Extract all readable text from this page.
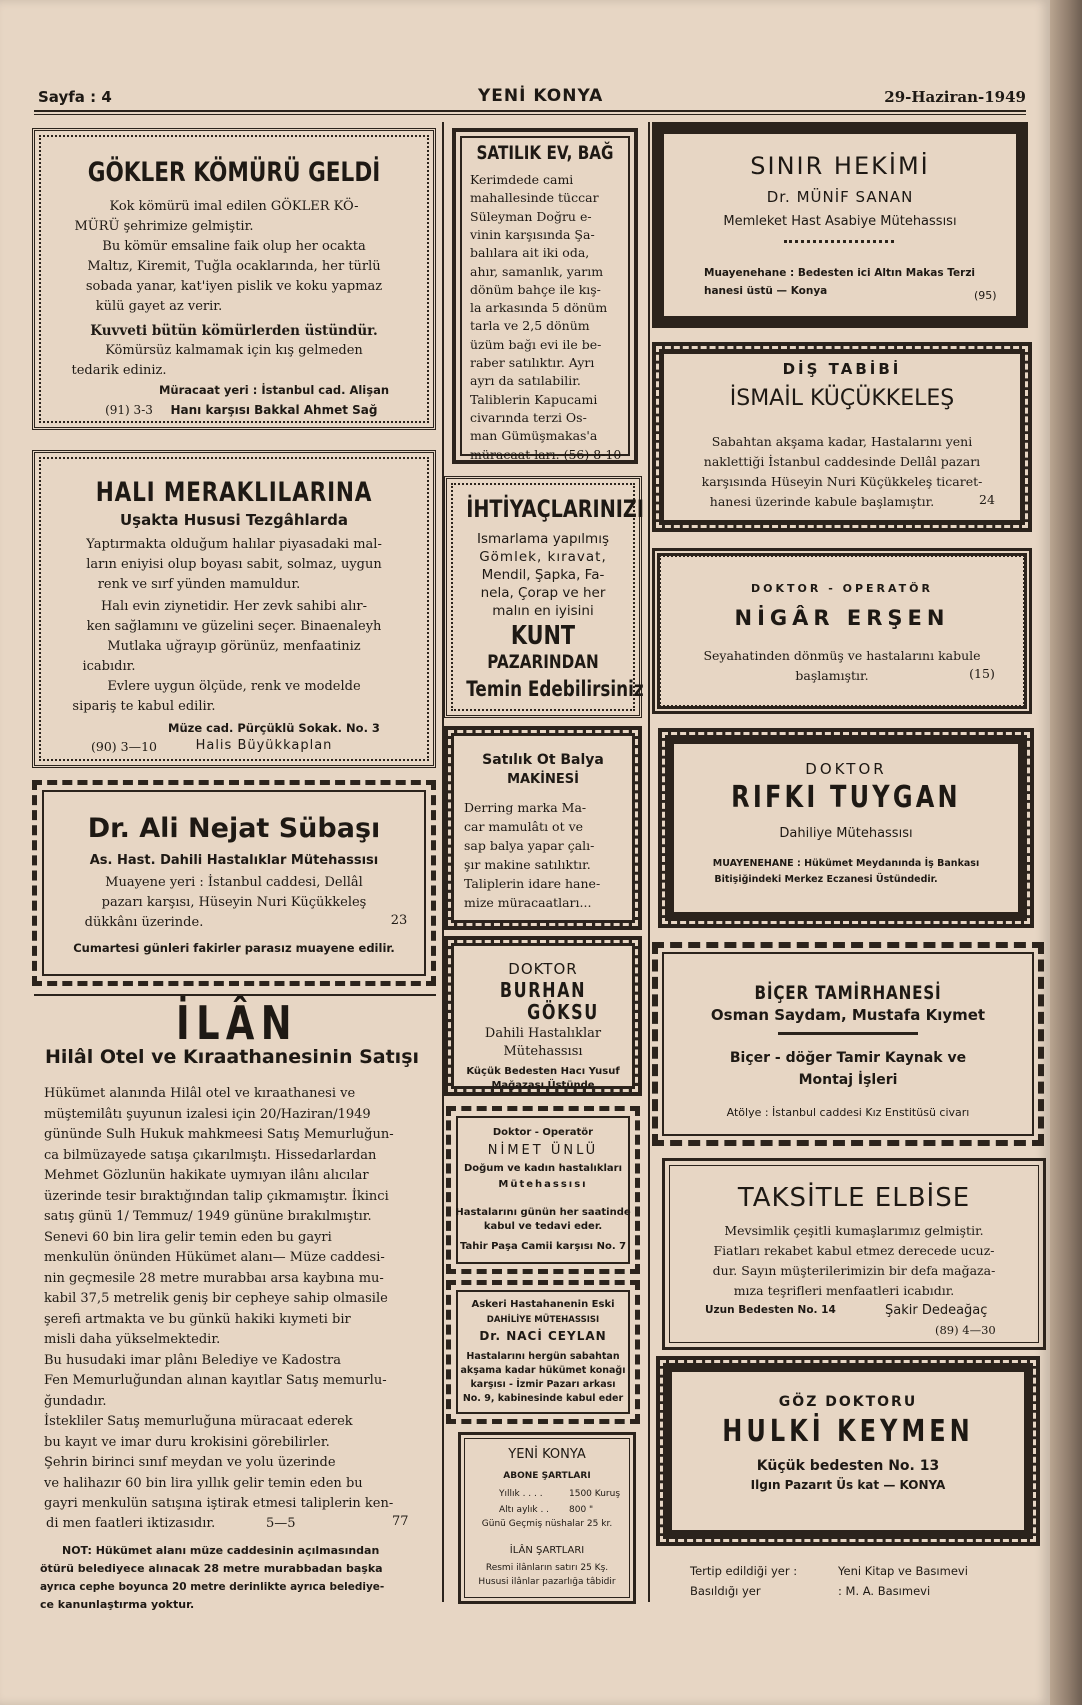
Sayfa : 4	YENİ KONYA	29-Haziran-1949
GÖKLER KÖMÜRÜ GELDİ
Kok kömürü imal edilen GÖKLER KÖ-
MÜRÜ şehrimize gelmiştir.
Bu kömür emsaline faik olup her ocakta
Maltız, Kiremit, Tuğla ocaklarında, her türlü
sobada yanar, kat'iyen pislik ve koku yapmaz
külü gayet az verir.
Kuvveti bütün kömürlerden üstündür.
Kömürsüz kalmamak için kış gelmeden
tedarik ediniz.
Müracaat yeri : İstanbul cad. Alişan
(91) 3-3	Hanı karşısı Bakkal Ahmet Sağ
HALI MERAKLILARINA
Uşakta Hususi Tezgâhlarda
Yaptırmakta olduğum halılar piyasadaki mal-
ların eniyisi olup boyası sabit, solmaz, uygun
renk ve sırf yünden mamuldur.
Halı evin ziynetidir. Her zevk sahibi alır-
ken sağlamını ve güzelini seçer. Binaenaleyh
Mutlaka uğrayıp görünüz, menfaatiniz
icabıdır.
Evlere uygun ölçüde, renk ve modelde
sipariş te kabul edilir.
Müze cad. Pürçüklü Sokak. No. 3
(90) 3—10	Halis Büyükkaplan
Dr. Ali Nejat Sübaşı
As. Hast. Dahili Hastalıklar Mütehassısı
Muayene yeri : İstanbul caddesi, Dellâl
pazarı karşısı, Hüseyin Nuri Küçükkeleş
dükkânı üzerinde.	23
Cumartesi günleri fakirler parasız muayene edilir.
İLÂN
Hilâl Otel ve Kıraathanesinin Satışı
Hükümet alanında Hilâl otel ve kıraathanesi ve
müştemilâtı şuyunun izalesi için 20/Haziran/1949
gününde Sulh Hukuk mahkmeesi Satış Memurluğun-
ca bilmüzayede satışa çıkarılmıştı. Hissedarlardan
Mehmet Gözlunün hakikate uymıyan ilânı alıcılar
üzerinde tesir bıraktığından talip çıkmamıştır. İkinci
satış günü 1/ Temmuz/ 1949 gününe bırakılmıştır.
Senevi 60 bin lira gelir temin eden bu gayri
menkulün önünden Hükümet alanı— Müze caddesi-
nin geçmesile 28 metre murabbaı arsa kaybına mu-
kabil 37,5 metrelik geniş bir cepheye sahip olmasile
şerefi artmakta ve bu günkü hakiki kıymeti bir
misli daha yükselmektedir.
Bu husudaki imar plânı Belediye ve Kadostra
Fen Memurluğundan alınan kayıtlar Satış memurlu-
ğundadır.
İstekliler Satış memurluğuna müracaat ederek
bu kayıt ve imar duru krokisini görebilirler.
Şehrin birinci sınıf meydan ve yolu üzerinde
ve halihazır 60 bin lira yıllık gelir temin eden bu
gayri menkulün satışına iştirak etmesi taliplerin ken-
di men faatleri iktizasıdır.	5—5	77
NOT: Hükümet alanı müze caddesinin açılmasından
ötürü belediyece alınacak 28 metre murabbadan başka
ayrıca cephe boyunca 20 metre derinlikte ayrıca belediye-
ce kanunlaştırma yoktur.
SATILIK EV, BAĞ
Kerimdede cami
mahallesinde tüccar
Süleyman Doğru e-
vinin karşısında Şa-
balılara ait iki oda,
ahır, samanlık, yarım
dönüm bahçe ile kış-
la arkasında 5 dönüm
tarla ve 2,5 dönüm
üzüm bağı evi ile be-
raber satılıktır. Ayrı
ayrı da satılabilir.
Taliblerin Kapucami
civarında terzi Os-
man Gümüşmakas'a
müracaat ları. (56) 8-10
İHTİYAÇLARINIZI
Ismarlama yapılmış
Gömlek, kıravat,
Mendil, Şapka, Fa-
nela, Çorap ve her
malın en iyisini
KUNT
PAZARINDAN
Temin Edebilirsiniz
Satılık Ot Balya
MAKİNESİ
Derring marka Ma-
car mamulâtı ot ve
sap balya yapar çalı-
şır makine satılıktır.
Taliplerin idare hane-
mize müracaatları...
DOKTOR
BURHAN
GÖKSU
Dahili Hastalıklar
Mütehassısı
Küçük Bedesten Hacı Yusuf
Mağazası Üstünde
Doktor - Operatör
NİMET ÜNLÜ
Doğum ve kadın hastalıkları
Mütehassısı
Hastalarını günün her saatinde
kabul ve tedavi eder.
Tahir Paşa Camii karşısı No. 7
Askeri Hastahanenin Eski
DAHİLİYE MÜTEHASSISI
Dr. NACİ CEYLAN
Hastalarını hergün sabahtan
akşama kadar hükümet konağı
karşısı - İzmir Pazarı arkası
No. 9, kabinesinde kabul eder
YENİ KONYA
ABONE ŞARTLARI
Yıllık . . . .	1500 Kuruş
Altı aylık . . 800 "
Günü Geçmiş nüshalar 25 kr.
İLÂN ŞARTLARI
Resmi ilânların satırı 25 Kş.
Hususi ilânlar pazarlığa tâbidir
SINIR HEKİMİ
Dr. MÜNİF SANAN
Memleket Hast Asabiye Mütehassısı
Muayenehane : Bedesten ici Altın Makas Terzi
hanesi üstü — Konya	(95)
DİŞ TABİBİ
İSMAİL KÜÇÜKKELEŞ
Sabahtan akşama kadar, Hastalarını yeni
naklettiği İstanbul caddesinde Dellâl pazarı
karşısında Hüseyin Nuri Küçükkeleş ticaret-
hanesi üzerinde kabule başlamıştır.	24
DOKTOR - OPERATÖR
NİGÂR ERŞEN
Seyahatinden dönmüş ve hastalarını kabule
başlamıştır.	(15)
DOKTOR
RIFKI TUYGAN
Dahiliye Mütehassısı
MUAYENEHANE : Hükümet Meydanında İş Bankası
Bitişiğindeki Merkez Eczanesi Üstündedir.
BİÇER TAMİRHANESİ
Osman Saydam, Mustafa Kıymet
Biçer - döğer Tamir Kaynak ve
Montaj İşleri
Atölye : İstanbul caddesi Kız Enstitüsü civarı
TAKSİTLE ELBİSE
Mevsimlik çeşitli kumaşlarımız gelmiştir.
Fiatları rekabet kabul etmez derecede ucuz-
dur. Sayın müşterilerimizin bir defa mağaza-
mıza teşrifleri menfaatleri icabıdır.
Uzun Bedesten No. 14	Şakir Dedeağaç
(89) 4—30
GÖZ DOKTORU
HULKİ KEYMEN
Küçük bedesten No. 13
Ilgın Pazarıt Üs kat — KONYA
Tertip edildiği yer :	Yeni Kitap ve Basımevi
Basıldığı yer	: M. A. Basımevi
